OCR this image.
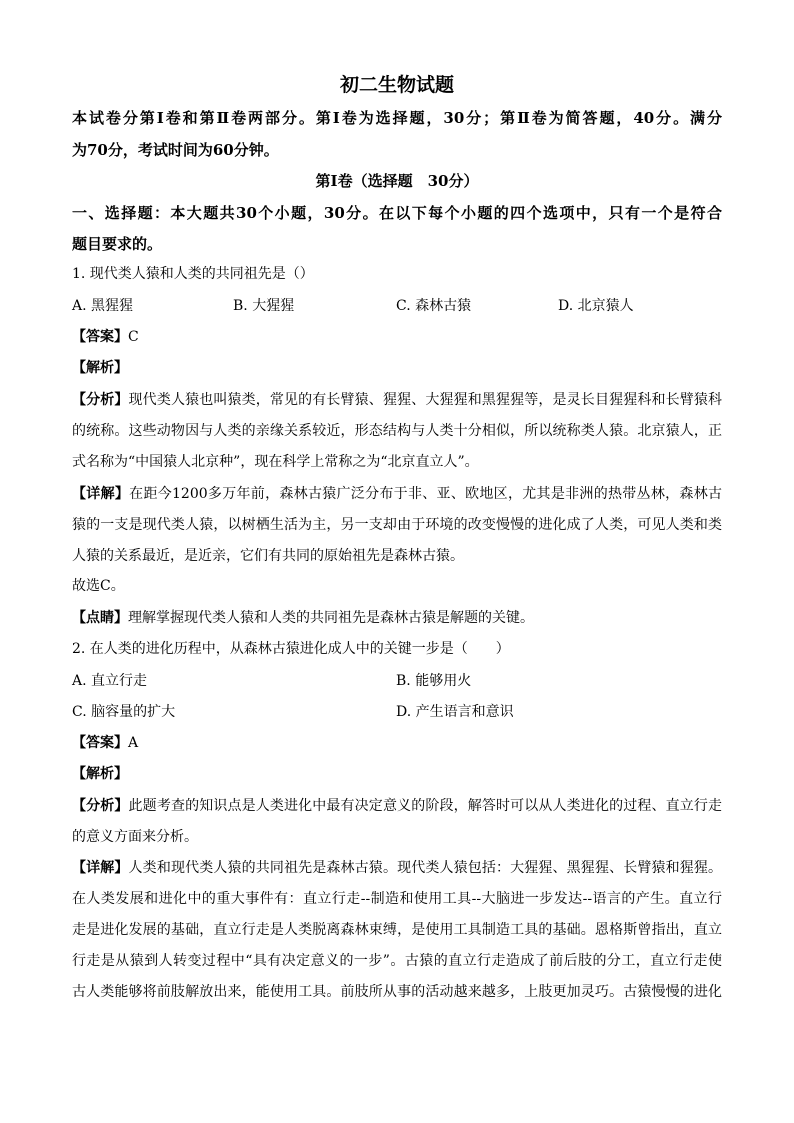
初二生物试题
本试卷分第Ⅰ卷和第Ⅱ卷两部分。第Ⅰ卷为选择题，30分；第Ⅱ卷为简答题，40分。满分
为70分，考试时间为60分钟。
第Ⅰ卷（选择题　30分）
一、选择题：本大题共30个小题，30分。在以下每个小题的四个选项中，只有一个是符合
题目要求的。
1. 现代类人猿和人类的共同祖先是（）
A. 黑猩猩	B. 大猩猩	C. 森林古猿	D. 北京猿人
【答案】C
【解析】
【分析】现代类人猿也叫猿类，常见的有长臂猿、猩猩、大猩猩和黑猩猩等，是灵长目猩猩科和长臂猿科
的统称。这些动物因与人类的亲缘关系较近，形态结构与人类十分相似，所以统称类人猿。北京猿人，正
式名称为“中国猿人北京种”，现在科学上常称之为“北京直立人”。
【详解】在距今1200多万年前，森林古猿广泛分布于非、亚、欧地区，尤其是非洲的热带丛林，森林古
猿的一支是现代类人猿，以树栖生活为主，另一支却由于环境的改变慢慢的进化成了人类，可见人类和类
人猿的关系最近，是近亲，它们有共同的原始祖先是森林古猿。
故选C。
【点睛】理解掌握现代类人猿和人类的共同祖先是森林古猿是解题的关键。
2. 在人类的进化历程中，从森林古猿进化成人中的关键一步是（　　）
A. 直立行走	B. 能够用火
C. 脑容量的扩大	D. 产生语言和意识
【答案】A
【解析】
【分析】此题考查的知识点是人类进化中最有决定意义的阶段，解答时可以从人类进化的过程、直立行走
的意义方面来分析。
【详解】人类和现代类人猿的共同祖先是森林古猿。现代类人猿包括：大猩猩、黑猩猩、长臂猿和猩猩。
在人类发展和进化中的重大事件有：直立行走--制造和使用工具--大脑进一步发达--语言的产生。直立行
走是进化发展的基础，直立行走是人类脱离森林束缚，是使用工具制造工具的基础。恩格斯曾指出，直立
行走是从猿到人转变过程中“具有决定意义的一步”。古猿的直立行走造成了前后肢的分工，直立行走使
古人类能够将前肢解放出来，能使用工具。前肢所从事的活动越来越多，上肢更加灵巧。古猿慢慢的进化
